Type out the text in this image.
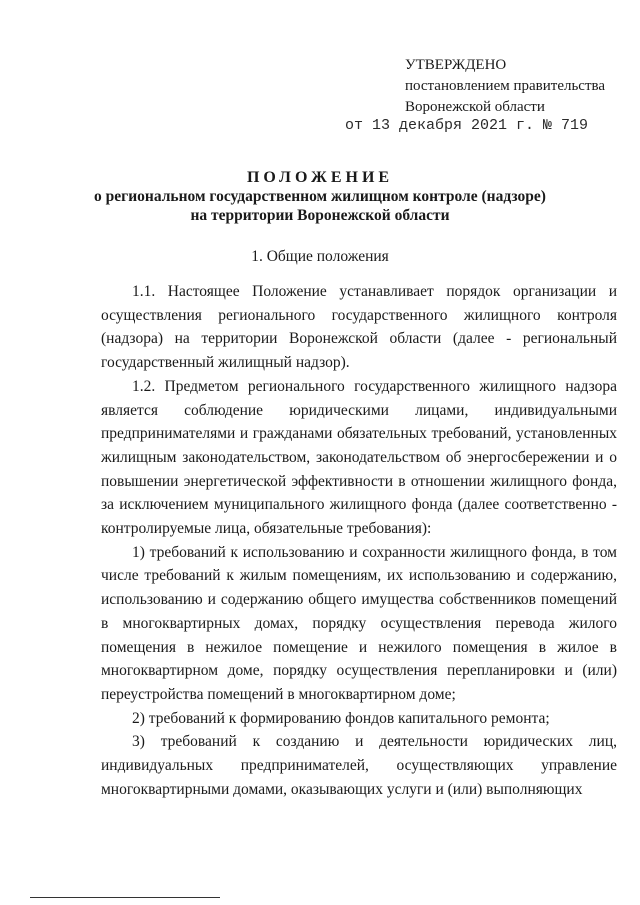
УТВЕРЖДЕНО
постановлением правительства
Воронежской области
от 13 декабря 2021 г. № 719
ПОЛОЖЕНИЕ
о региональном государственном жилищном контроле (надзоре)
на территории Воронежской области
1. Общие положения

1.1. Настоящее Положение устанавливает порядок организации и осуществления регионального государственного жилищного контроля (надзора) на территории Воронежской области (далее - региональный государственный жилищный надзор).

1.2. Предметом регионального государственного жилищного надзора является соблюдение юридическими лицами, индивидуальными предпринимателями и гражданами обязательных требований, установленных жилищным законодательством, законодательством об энергосбережении и о повышении энергетической эффективности в отношении жилищного фонда, за исключением муниципального жилищного фонда (далее соответственно - контролируемые лица, обязательные требования):

1) требований к использованию и сохранности жилищного фонда, в том числе требований к жилым помещениям, их использованию и содержанию, использованию и содержанию общего имущества собственников помещений в многоквартирных домах, порядку осуществления перевода жилого помещения в нежилое помещение и нежилого помещения в жилое в многоквартирном доме, порядку осуществления перепланировки и (или) переустройства помещений в многоквартирном доме;

2) требований к формированию фондов капитального ремонта;

3) требований к созданию и деятельности юридических лиц, индивидуальных предпринимателей, осуществляющих управление многоквартирными домами, оказывающих услуги и (или) выполняющих
